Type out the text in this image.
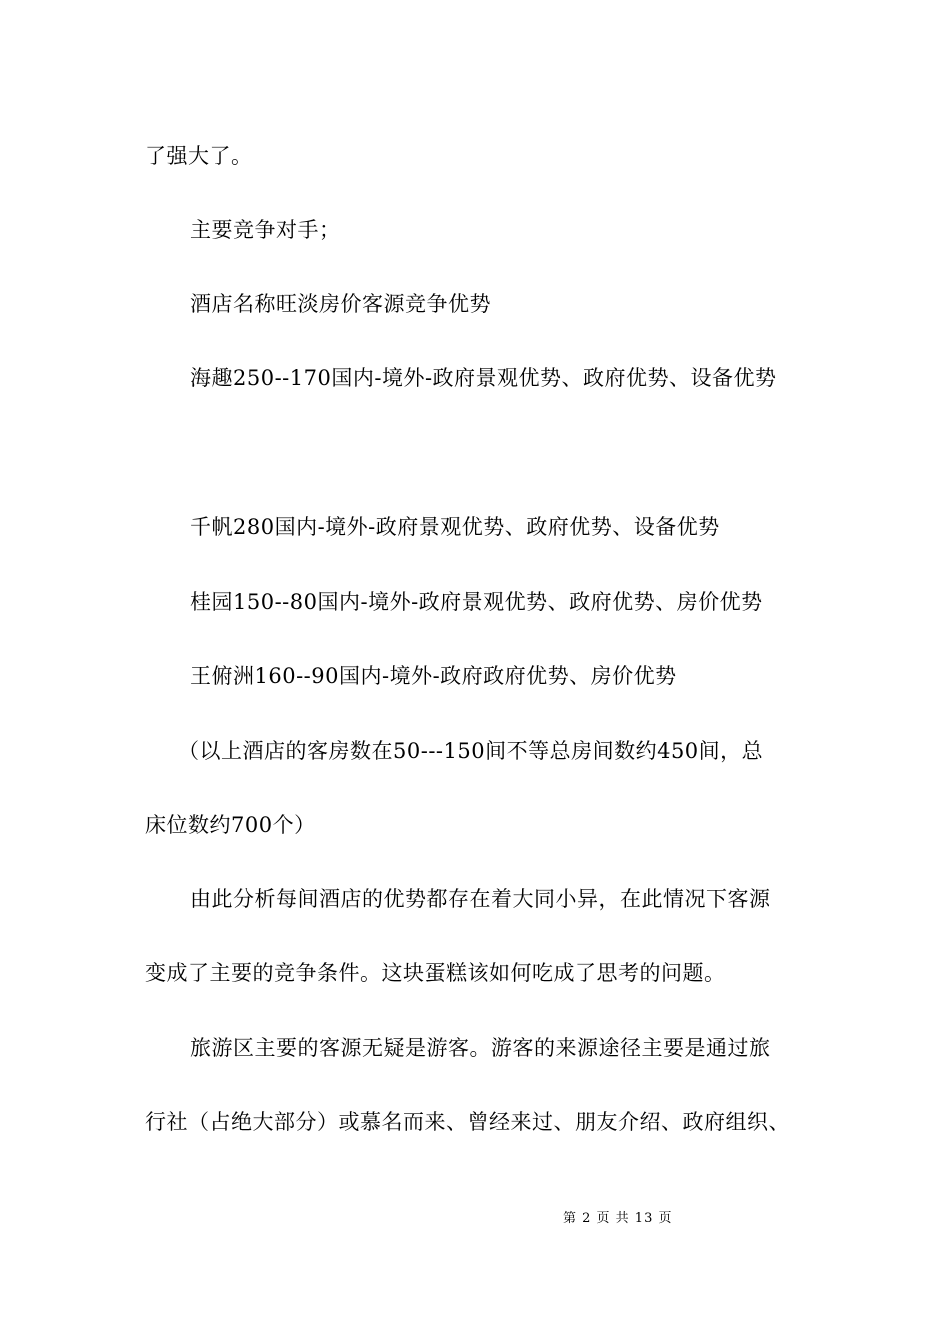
了强大了。
主要竞争对手；
酒店名称旺淡房价客源竞争优势
海趣250--170国内-境外-政府景观优势、政府优势、设备优势
千帆280国内-境外-政府景观优势、政府优势、设备优势
桂园150--80国内-境外-政府景观优势、政府优势、房价优势
王俯洲160--90国内-境外-政府政府优势、房价优势
（以上酒店的客房数在50---150间不等总房间数约450间，总
床位数约700个）
由此分析每间酒店的优势都存在着大同小异，在此情况下客源
变成了主要的竞争条件。这块蛋糕该如何吃成了思考的问题。
旅游区主要的客源无疑是游客。游客的来源途径主要是通过旅
行社（占绝大部分）或慕名而来、曾经来过、朋友介绍、政府组织、
第 2 页 共 13 页
